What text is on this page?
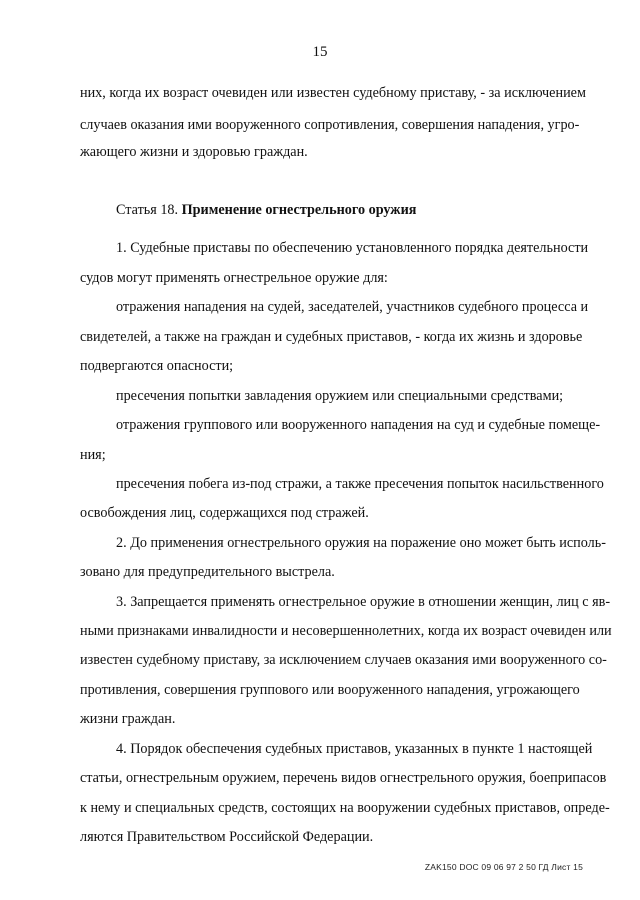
15
них, когда их возраст очевиден или известен судебному приставу, - за исключением
случаев оказания ими вооруженного сопротивления, совершения нападения, угро-
жающего жизни и здоровью граждан.
Статья 18. Применение огнестрельного оружия
1. Судебные приставы по обеспечению установленного порядка деятельности
судов могут применять огнестрельное оружие для:
отражения нападения на судей, заседателей, участников судебного процесса и
свидетелей, а также на граждан и судебных приставов, - когда их жизнь и здоровье
подвергаются опасности;
пресечения попытки завладения оружием или специальными средствами;
отражения группового или вооруженного нападения на суд и судебные помеще-
ния;
пресечения побега из-под стражи, а также пресечения попыток насильственного
освобождения лиц, содержащихся под стражей.
2. До применения огнестрельного оружия на поражение оно может быть исполь-
зовано для предупредительного выстрела.
3. Запрещается применять огнестрельное оружие в отношении женщин, лиц с яв-
ными признаками инвалидности и несовершеннолетних, когда их возраст очевиден или
известен судебному приставу, за исключением случаев оказания ими вооруженного со-
противления, совершения группового или вооруженного нападения, угрожающего
жизни граждан.
4. Порядок обеспечения судебных приставов, указанных в пункте 1 настоящей
статьи, огнестрельным оружием, перечень видов огнестрельного оружия, боеприпасов
к нему и специальных средств, состоящих на вооружении судебных приставов, опреде-
ляются Правительством Российской Федерации.
ZAK150 DOC 09 06 97 2 50 ГД Лист 15
